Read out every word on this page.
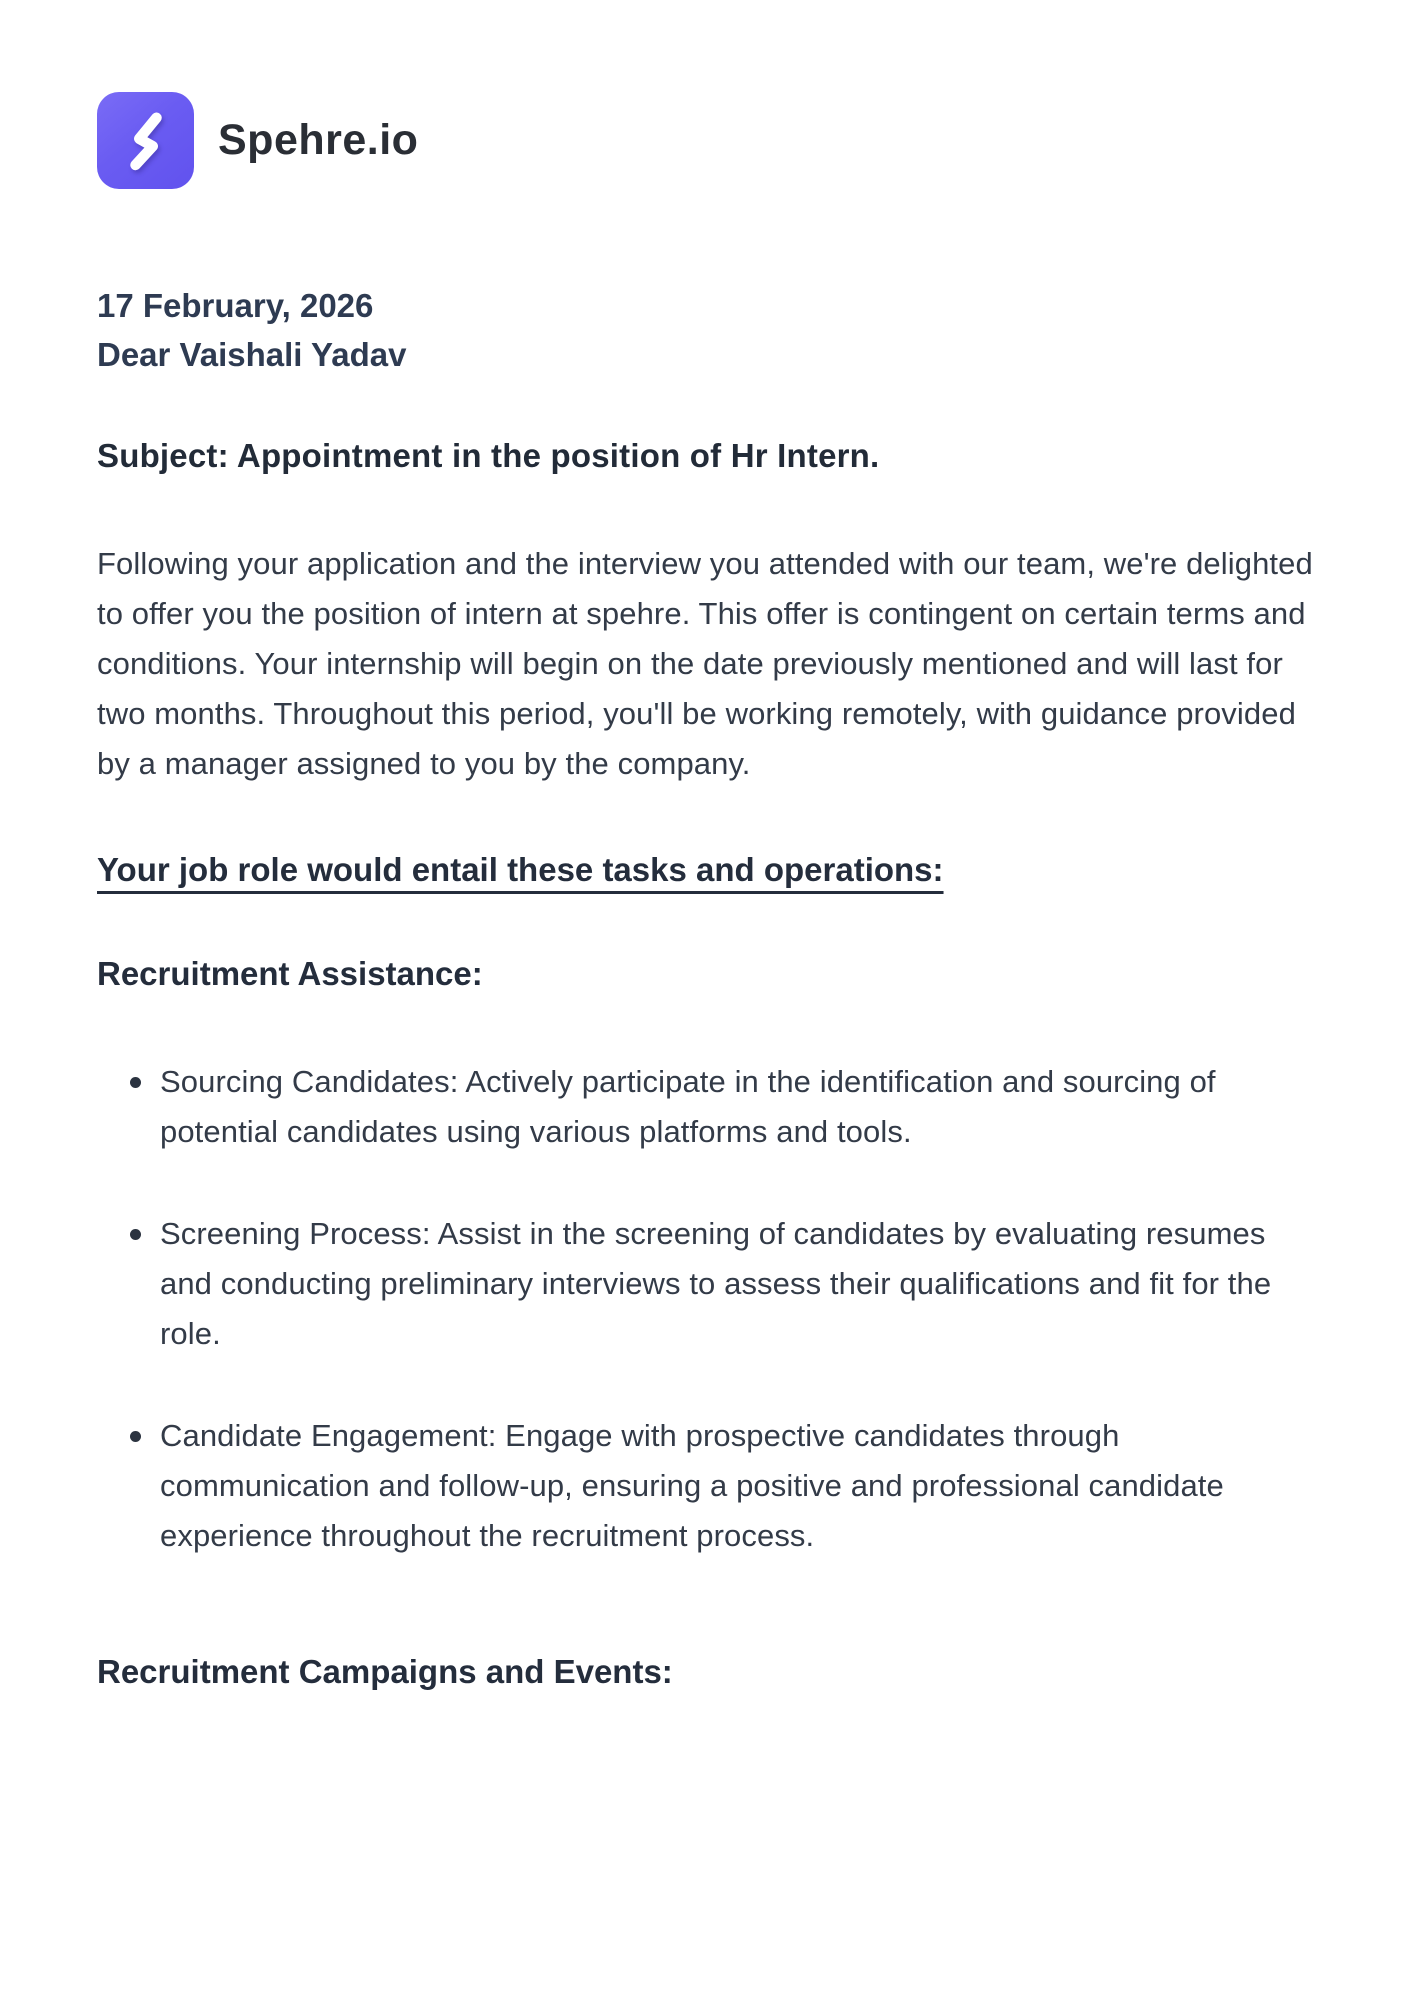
Spehre.io
17 February, 2026
Dear Vaishali Yadav
Subject: Appointment in the position of Hr Intern.
Following your application and the interview you attended with our team, we're delighted to offer you the position of intern at spehre. This offer is contingent on certain terms and conditions. Your internship will begin on the date previously mentioned and will last for two months. Throughout this period, you'll be working remotely, with guidance provided by a manager assigned to you by the company.
Your job role would entail these tasks and operations:
Recruitment Assistance:
Sourcing Candidates: Actively participate in the identification and sourcing of potential candidates using various platforms and tools.
Screening Process: Assist in the screening of candidates by evaluating resumes and conducting preliminary interviews to assess their qualifications and fit for the role.
Candidate Engagement: Engage with prospective candidates through communication and follow-up, ensuring a positive and professional candidate experience throughout the recruitment process.
Recruitment Campaigns and Events:
